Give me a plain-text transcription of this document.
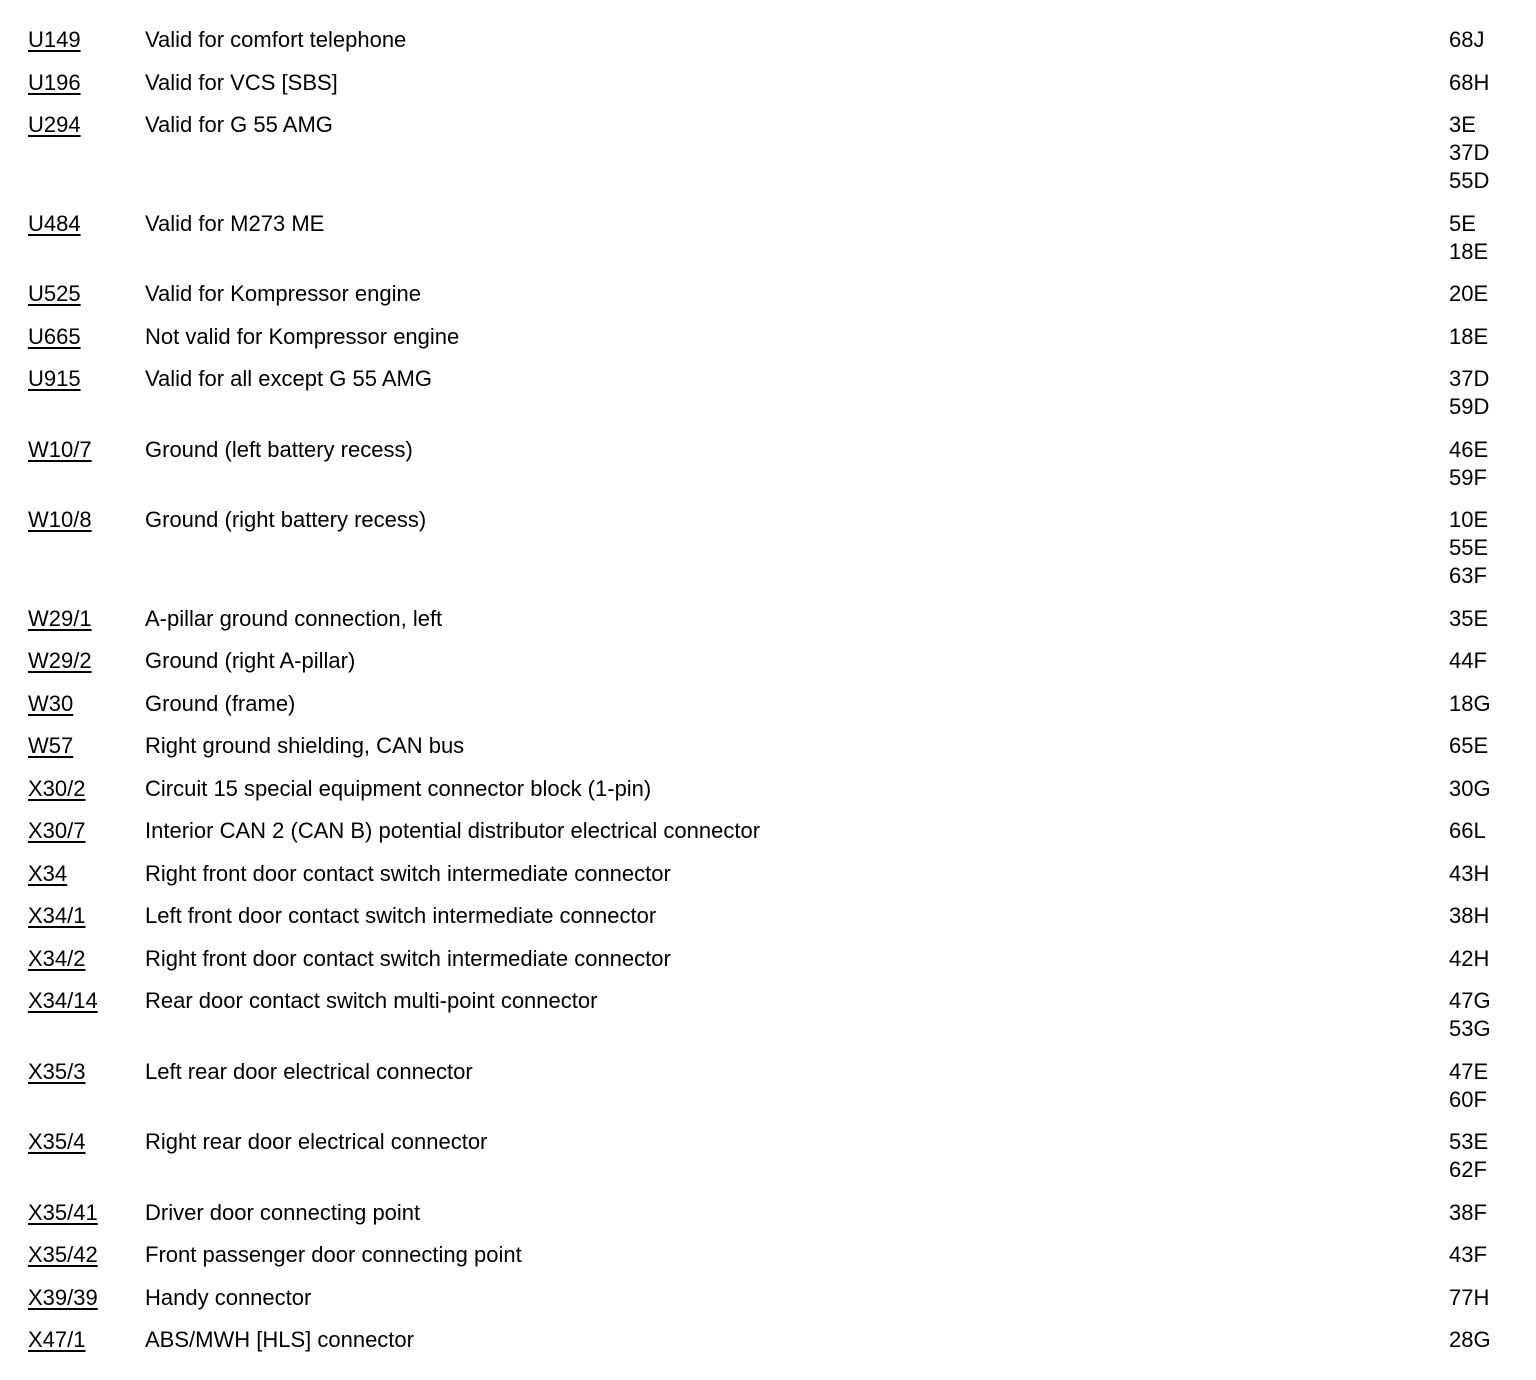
U149	Valid for comfort telephone	68J
U196	Valid for VCS [SBS]	68H
U294	Valid for G 55 AMG	3E
37D
55D
U484	Valid for M273 ME	5E
18E
U525	Valid for Kompressor engine	20E
U665	Not valid for Kompressor engine	18E
U915	Valid for all except G 55 AMG	37D
59D
W10/7 Ground (left battery recess)	46E
59F
W10/8 Ground (right battery recess)	10E
55E
63F
W29/1 A-pillar ground connection, left	35E
W29/2 Ground (right A-pillar)	44F
W30	Ground (frame)	18G
W57	Right ground shielding, CAN bus	65E
X30/2	Circuit 15 special equipment connector block (1-pin)	30G
X30/7	Interior CAN 2 (CAN B) potential distributor electrical connector	66L
X34	Right front door contact switch intermediate connector	43H
X34/1	Left front door contact switch intermediate connector	38H
X34/2	Right front door contact switch intermediate connector	42H
X34/14 Rear door contact switch multi-point connector	47G
53G
X35/3	Left rear door electrical connector	47E
60F
X35/4	Right rear door electrical connector	53E
62F
X35/41 Driver door connecting point	38F
X35/42 Front passenger door connecting point	43F
X39/39 Handy connector	77H
X47/1	ABS/MWH [HLS] connector	28G
